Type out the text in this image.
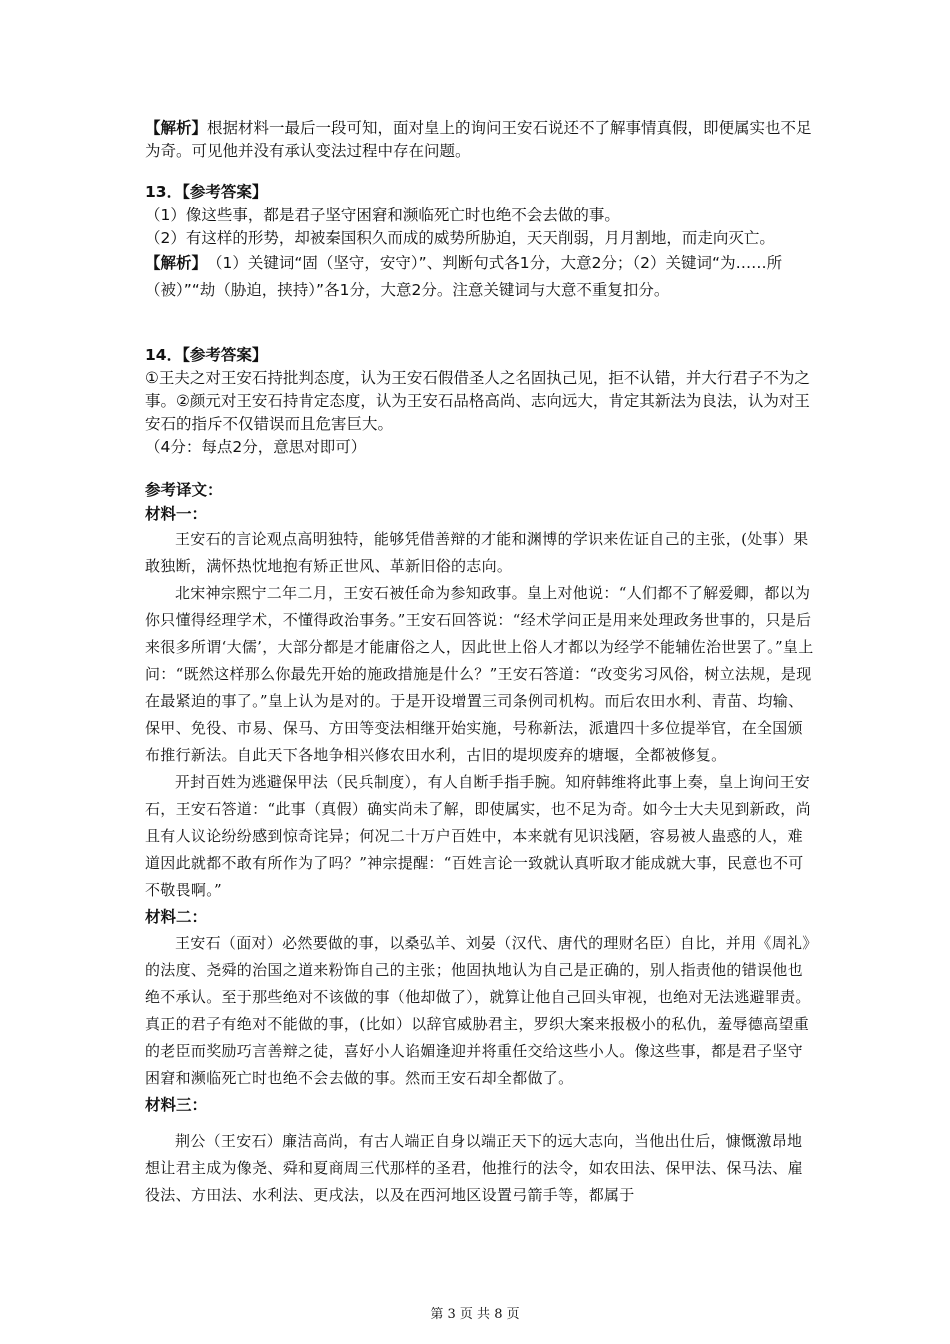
【解析】根据材料一最后一段可知，面对皇上的询问王安石说还不了解事情真假，即便属实也不足为奇。可见他并没有承认变法过程中存在问题。

13．【参考答案】

（1）像这些事，都是君子坚守困窘和濒临死亡时也绝不会去做的事。

（2）有这样的形势，却被秦国积久而成的威势所胁迫，天天削弱，月月割地，而走向灭亡。

【解析】　 （1）关键词“固（坚守，安守）”、判断句式各1分，大意2分；（2）关键词“为……所（被）”“劫（胁迫，挟持）”各1分，大意2分。注意关键词与大意不重复扣分。

14．【参考答案】

①王夫之对王安石持批判态度，认为王安石假借圣人之名固执己见，拒不认错，并大行君子不为之事。②颜元对王安石持肯定态度，认为王安石品格高尚、志向远大，肯定其新法为良法，认为对王安石的指斥不仅错误而且危害巨大。

（4分：每点2分，意思对即可）

参考译文：

材料一：

王安石的言论观点高明独特，能够凭借善辩的才能和渊博的学识来佐证自己的主张，(处事）果敢独断，满怀热忱地抱有矫正世风、革新旧俗的志向。

北宋神宗熙宁二年二月，王安石被任命为参知政事。皇上对他说：“人们都不了解爱卿，都以为你只懂得经理学术，不懂得政治事务。”王安石回答说：“经术学问正是用来处理政务世事的，只是后来很多所谓‘大儒’，大部分都是才能庸俗之人，因此世上俗人才都以为经学不能辅佐治世罢了。”皇上问：“既然这样那么你最先开始的施政措施是什么？”王安石答道：“改变劣习风俗，树立法规，是现在最紧迫的事了。”皇上认为是对的。于是开设增置三司条例司机构。而后农田水利、青苗、均输、保甲、免役、市易、保马、方田等变法相继开始实施，号称新法，派遣四十多位提举官，在全国颁布推行新法。自此天下各地争相兴修农田水利，古旧的堤坝废弃的塘堰，全都被修复。

开封百姓为逃避保甲法（民兵制度），有人自断手指手腕。知府韩维将此事上奏，皇上询问王安石，王安石答道：“此事（真假）确实尚未了解，即使属实，也不足为奇。如今士大夫见到新政，尚且有人议论纷纷感到惊奇诧异；何况二十万户百姓中，本来就有见识浅陋，容易被人蛊惑的人，难道因此就都不敢有所作为了吗？”神宗提醒：“百姓言论一致就认真听取才能成就大事，民意也不可不敬畏啊。”

材料二：

王安石（面对）必然要做的事，以桑弘羊、刘晏（汉代、唐代的理财名臣）自比，并用《周礼》的法度、尧舜的治国之道来粉饰自己的主张；他固执地认为自己是正确的，别人指责他的错误他也绝不承认。至于那些绝对不该做的事（他却做了），就算让他自己回头审视，也绝对无法逃避罪责。真正的君子有绝对不能做的事，(比如）以辞官威胁君主，罗织大案来报极小的私仇，羞辱德高望重的老臣而奖励巧言善辩之徒，喜好小人谄媚逢迎并将重任交给这些小人。像这些事，都是君子坚守困窘和濒临死亡时也绝不会去做的事。然而王安石却全都做了。

材料三：

荆公（王安石）廉洁高尚，有古人端正自身以端正天下的远大志向，当他出仕后，慷慨激昂地想让君主成为像尧、舜和夏商周三代那样的圣君，他推行的法令，如农田法、保甲法、保马法、雇役法、方田法、水利法、更戌法，以及在西河地区设置弓箭手等，都属于

第 3 页 共 8 页
